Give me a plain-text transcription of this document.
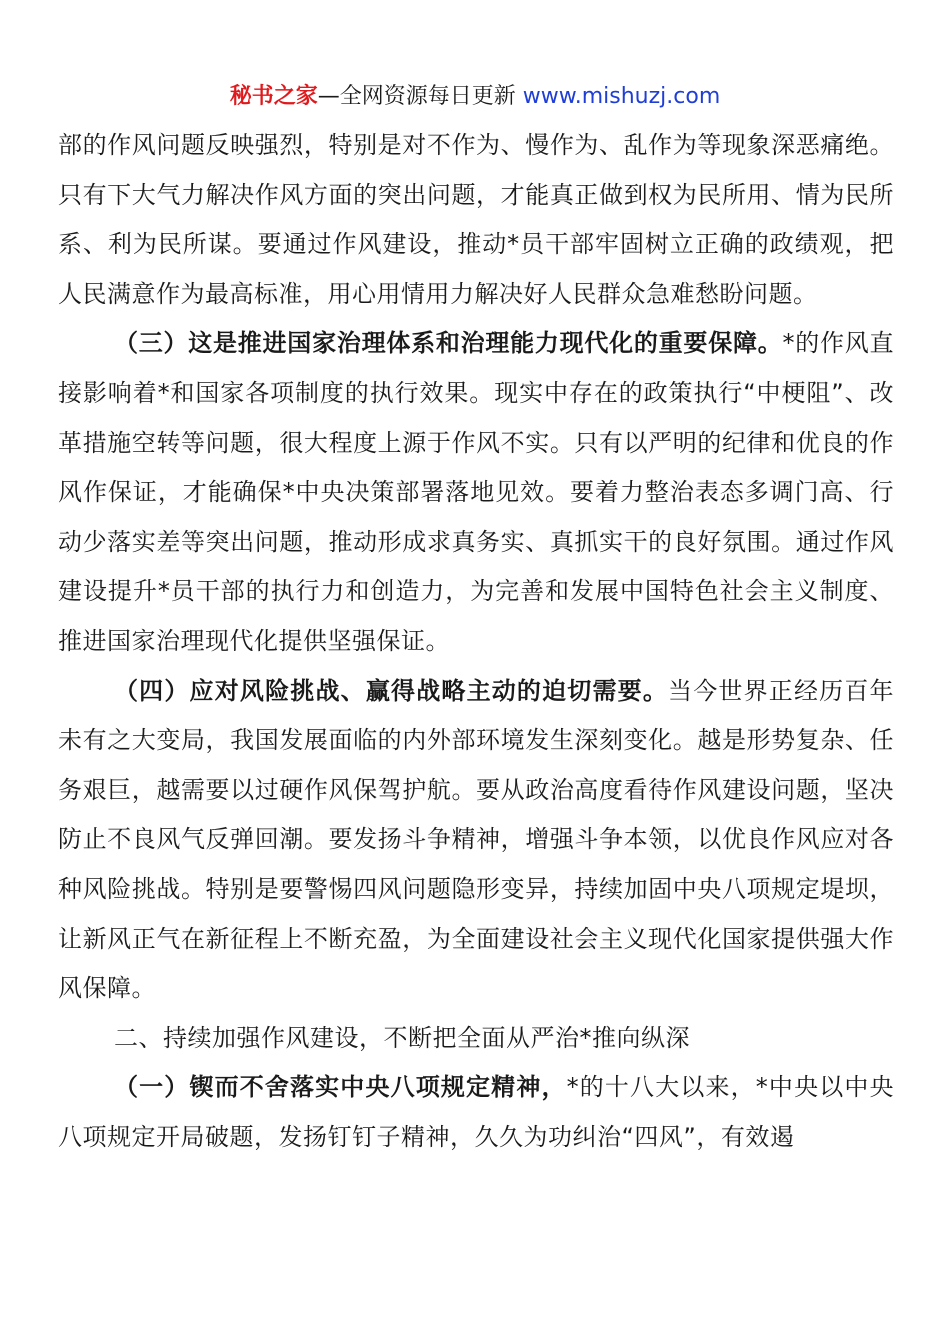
秘书之家—全网资源每日更新 www.mishuzj.com

部的作风问题反映强烈，特别是对不作为、慢作为、乱作为等现象深恶痛绝。只有下大气力解决作风方面的突出问题，才能真正做到权为民所用、情为民所系、利为民所谋。要通过作风建设，推动*员干部牢固树立正确的政绩观，把人民满意作为最高标准，用心用情用力解决好人民群众急难愁盼问题。

（三）这是推进国家治理体系和治理能力现代化的重要保障。*的作风直接影响着*和国家各项制度的执行效果。现实中存在的政策执行“中梗阻”、改革措施空转等问题，很大程度上源于作风不实。只有以严明的纪律和优良的作风作保证，才能确保*中央决策部署落地见效。要着力整治表态多调门高、行动少落实差等突出问题，推动形成求真务实、真抓实干的良好氛围。通过作风建设提升*员干部的执行力和创造力，为完善和发展中国特色社会主义制度、推进国家治理现代化提供坚强保证。

（四）应对风险挑战、赢得战略主动的迫切需要。当今世界正经历百年未有之大变局，我国发展面临的内外部环境发生深刻变化。越是形势复杂、任务艰巨，越需要以过硬作风保驾护航。要从政治高度看待作风建设问题，坚决防止不良风气反弹回潮。要发扬斗争精神，增强斗争本领，以优良作风应对各种风险挑战。特别是要警惕四风问题隐形变异，持续加固中央八项规定堤坝，让新风正气在新征程上不断充盈，为全面建设社会主义现代化国家提供强大作风保障。

二、持续加强作风建设，不断把全面从严治*推向纵深

（一）锲而不舍落实中央八项规定精神，*的十八大以来，*中央以中央八项规定开局破题，发扬钉钉子精神，久久为功纠治“四风”，有效遏
